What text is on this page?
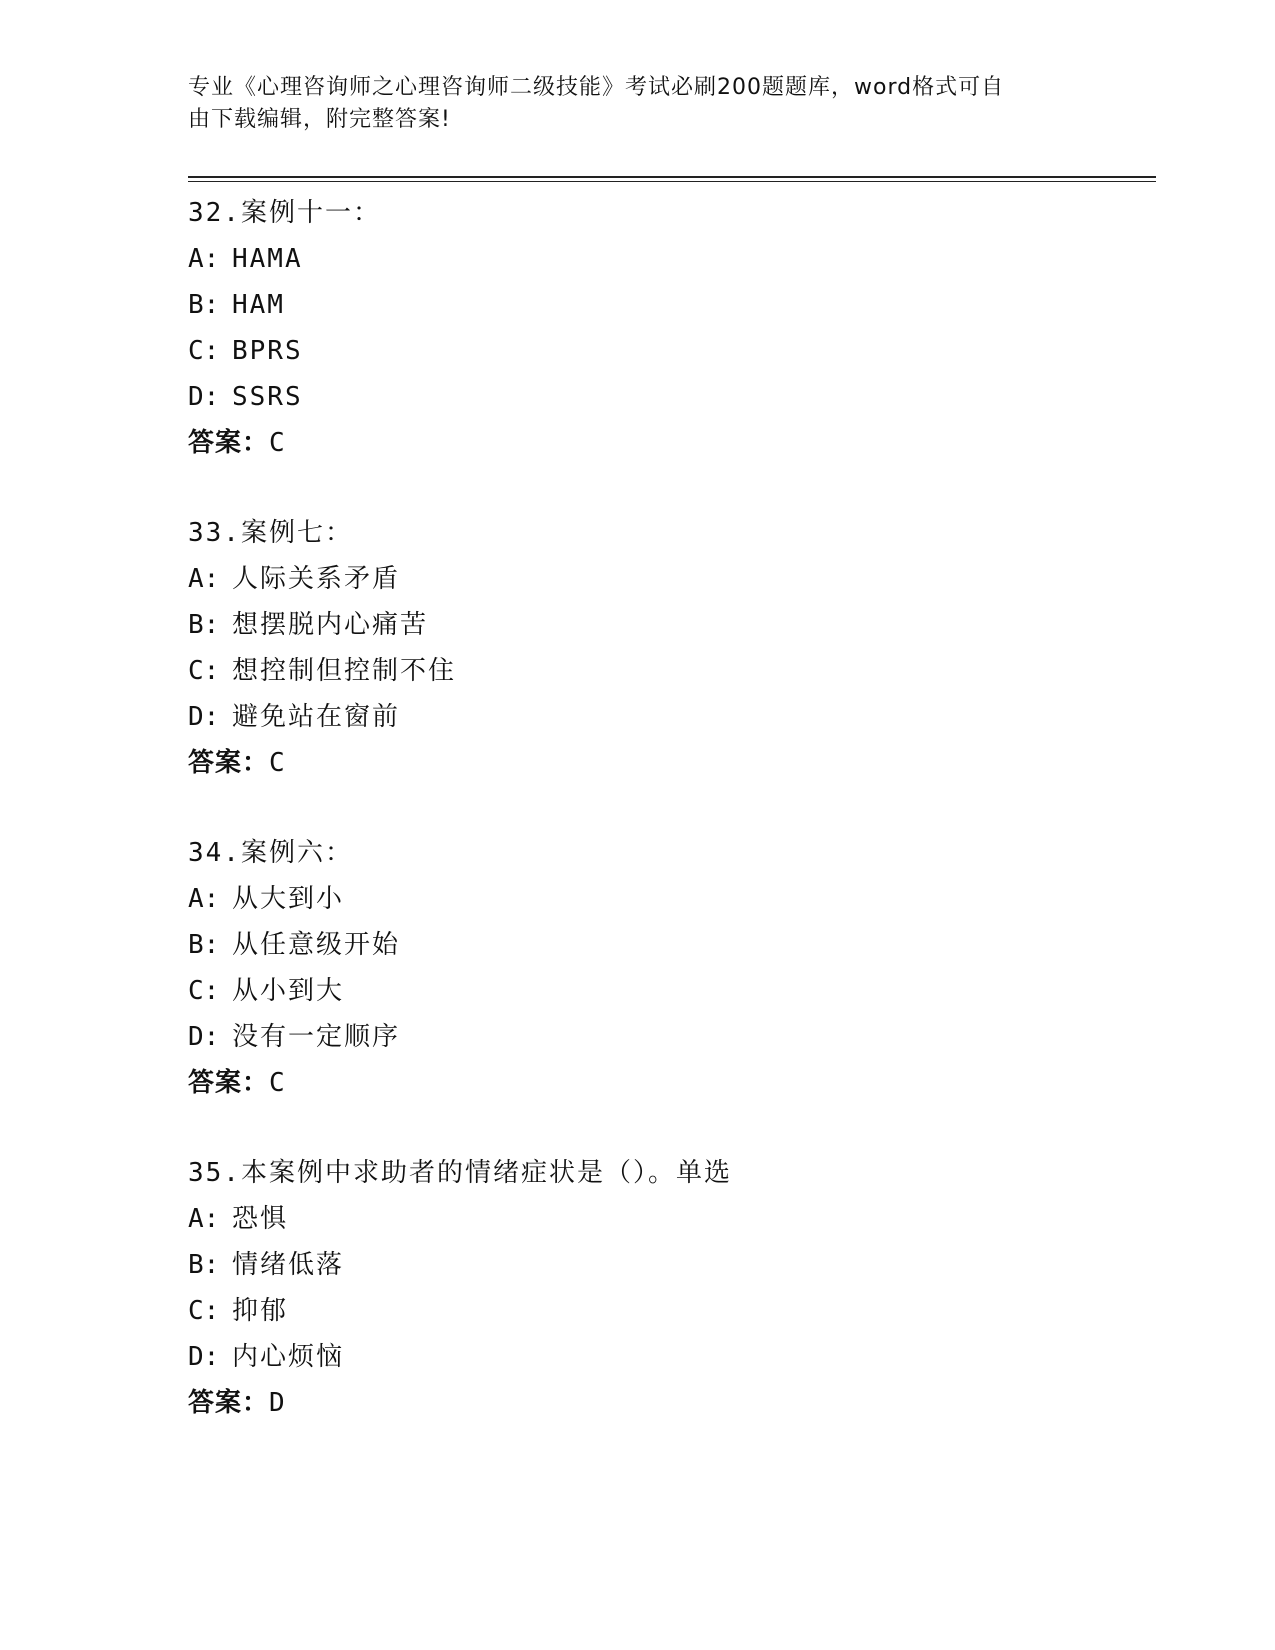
专业《心理咨询师之心理咨询师二级技能》考试必刷200题题库，word格式可自
由下载编辑，附完整答案!
32.案例十一：
A: HAMA
B: HAM
C: BPRS
D: SSRS
答案：C
33.案例七：
A: 人际关系矛盾
B: 想摆脱内心痛苦
C: 想控制但控制不住
D: 避免站在窗前
答案：C
34.案例六：
A: 从大到小
B: 从任意级开始
C: 从小到大
D: 没有一定顺序
答案：C
35.本案例中求助者的情绪症状是（）。单选
A: 恐惧
B: 情绪低落
C: 抑郁
D: 内心烦恼
答案：D
